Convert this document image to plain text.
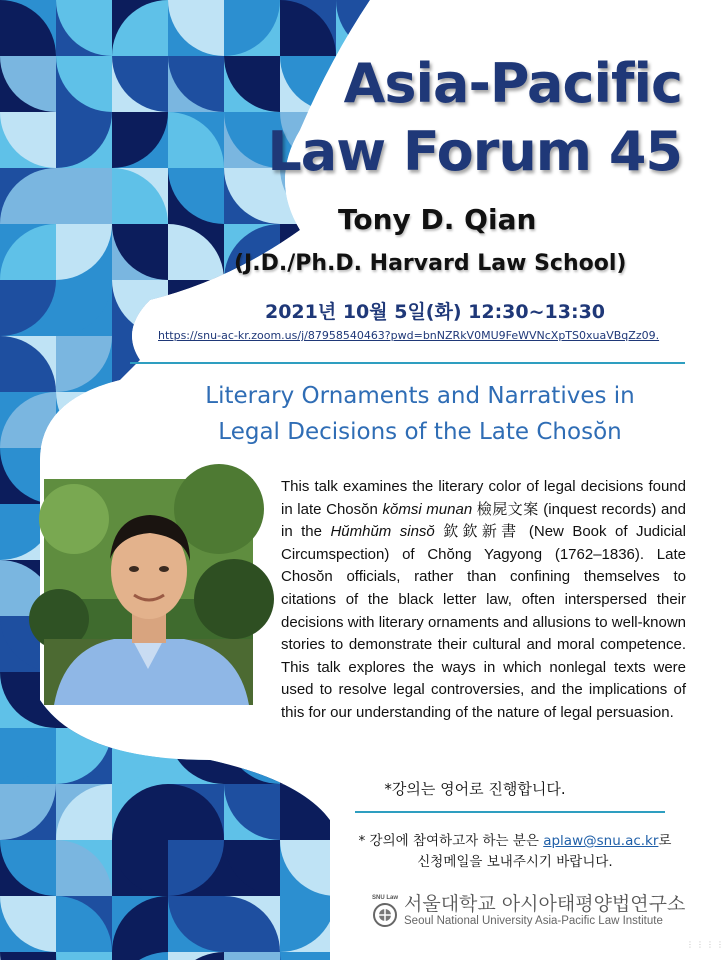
Asia-Pacific
Law Forum 45

Tony D. Qian

(J.D./Ph.D. Harvard Law School)

2021년 10월 5일(화) 12:30~13:30
https://snu-ac-kr.zoom.us/j/87958540463?pwd=bnNZRkV0MU9FeWVNcXpTS0xuaVBqZz09.
Literary Ornaments and Narratives in
Legal Decisions of the Late Chosŏn

This talk examines the literary color of legal decisions found in late Chosŏn kŏmsi munan 檢屍文案 (inquest records) and in the Hŭmhŭm sinsŏ 欽欽新書 (New Book of Judicial Circumspection) of Chŏng Yagyong (1762–1836). Late Chosŏn officials, rather than confining themselves to citations of the black letter law, often interspersed their decisions with literary ornaments and allusions to well-known stories to demonstrate their cultural and moral competence. This talk explores the ways in which nonlegal texts were used to resolve legal controversies, and the implications of this for our understanding of the nature of legal persuasion.

*강의는 영어로 진행합니다.
* 강의에 참여하고자 하는 분은 aplaw@snu.ac.kr로
신청메일을 보내주시기 바랍니다.
SNU Law 서울대학교 아시아태평양법연구소
Seoul National University Asia-Pacific Law Institute
⋮⋮⋮⋮
